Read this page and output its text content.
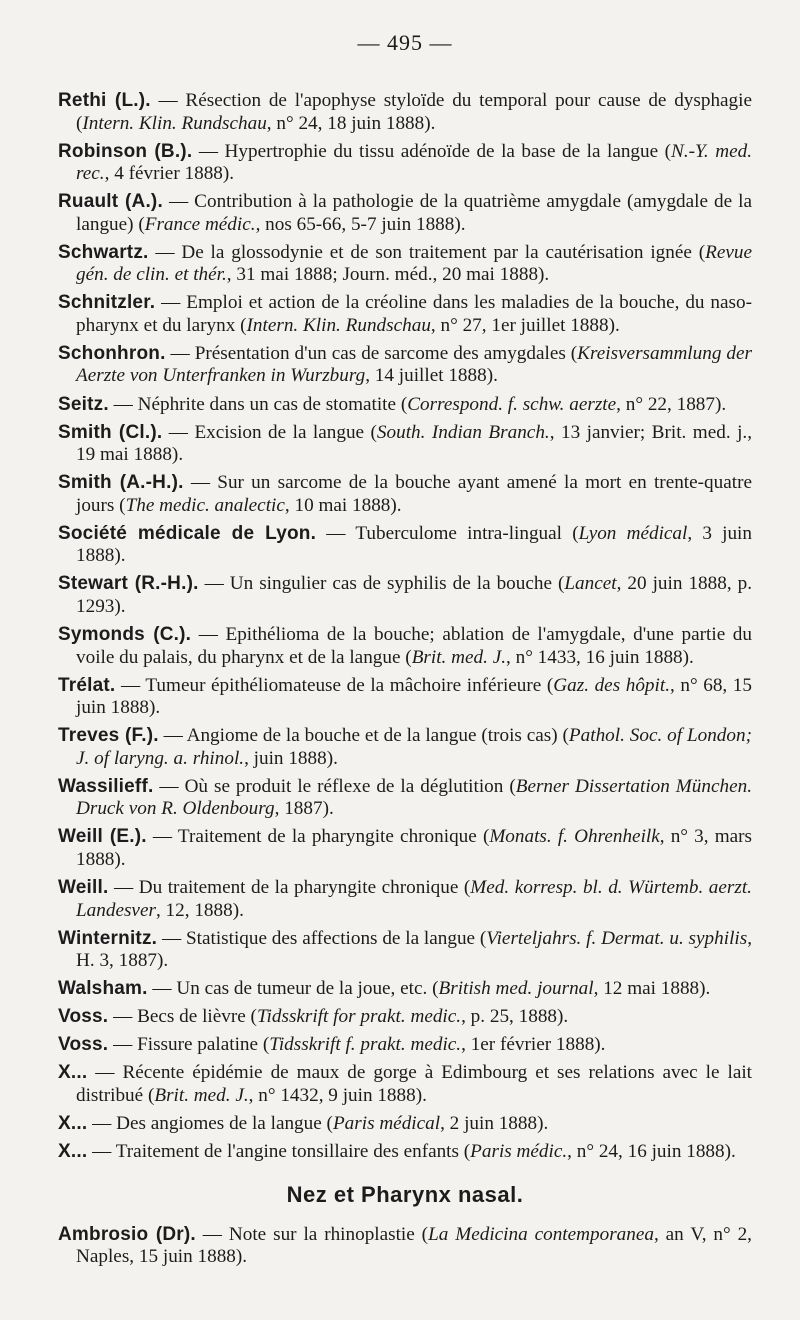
— 495 —

Rethi (L.). — Résection de l'apophyse styloïde du temporal pour cause de dysphagie (Intern. Klin. Rundschau, n° 24, 18 juin 1888).

Robinson (B.). — Hypertrophie du tissu adénoïde de la base de la langue (N.-Y. med. rec., 4 février 1888).

Ruault (A.). — Contribution à la pathologie de la quatrième amygdale (amygdale de la langue) (France médic., nos 65-66, 5-7 juin 1888).

Schwartz. — De la glossodynie et de son traitement par la cautérisation ignée (Revue gén. de clin. et thér., 31 mai 1888; Journ. méd., 20 mai 1888).

Schnitzler. — Emploi et action de la créoline dans les maladies de la bouche, du naso-pharynx et du larynx (Intern. Klin. Rundschau, n° 27, 1er juillet 1888).

Schonhron. — Présentation d'un cas de sarcome des amygdales (Kreisversammlung der Aerzte von Unterfranken in Wurzburg, 14 juillet 1888).

Seitz. — Néphrite dans un cas de stomatite (Correspond. f. schw. aerzte, n° 22, 1887).

Smith (Cl.). — Excision de la langue (South. Indian Branch., 13 janvier; Brit. med. j., 19 mai 1888).

Smith (A.-H.). — Sur un sarcome de la bouche ayant amené la mort en trente-quatre jours (The medic. analectic, 10 mai 1888).

Société médicale de Lyon. — Tuberculome intra-lingual (Lyon médical, 3 juin 1888).

Stewart (R.-H.). — Un singulier cas de syphilis de la bouche (Lancet, 20 juin 1888, p. 1293).

Symonds (C.). — Epithélioma de la bouche; ablation de l'amygdale, d'une partie du voile du palais, du pharynx et de la langue (Brit. med. J., n° 1433, 16 juin 1888).

Trélat. — Tumeur épithéliomateuse de la mâchoire inférieure (Gaz. des hôpit., n° 68, 15 juin 1888).

Treves (F.). — Angiome de la bouche et de la langue (trois cas) (Pathol. Soc. of London; J. of laryng. a. rhinol., juin 1888).

Wassilieff. — Où se produit le réflexe de la déglutition (Berner Dissertation München. Druck von R. Oldenbourg, 1887).

Weill (E.). — Traitement de la pharyngite chronique (Monats. f. Ohrenheilk, n° 3, mars 1888).

Weill. — Du traitement de la pharyngite chronique (Med. korresp. bl. d. Würtemb. aerzt. Landesver, 12, 1888).

Winternitz. — Statistique des affections de la langue (Vierteljahrs. f. Dermat. u. syphilis, H. 3, 1887).

Walsham. — Un cas de tumeur de la joue, etc. (British med. journal, 12 mai 1888).

Voss. — Becs de lièvre (Tidsskrift for prakt. medic., p. 25, 1888).

Voss. — Fissure palatine (Tidsskrift f. prakt. medic., 1er février 1888).

X... — Récente épidémie de maux de gorge à Edimbourg et ses relations avec le lait distribué (Brit. med. J., n° 1432, 9 juin 1888).

X... — Des angiomes de la langue (Paris médical, 2 juin 1888).

X... — Traitement de l'angine tonsillaire des enfants (Paris médic., n° 24, 16 juin 1888).

Nez et Pharynx nasal.

Ambrosio (Dr). — Note sur la rhinoplastie (La Medicina contemporanea, an V, n° 2, Naples, 15 juin 1888).
